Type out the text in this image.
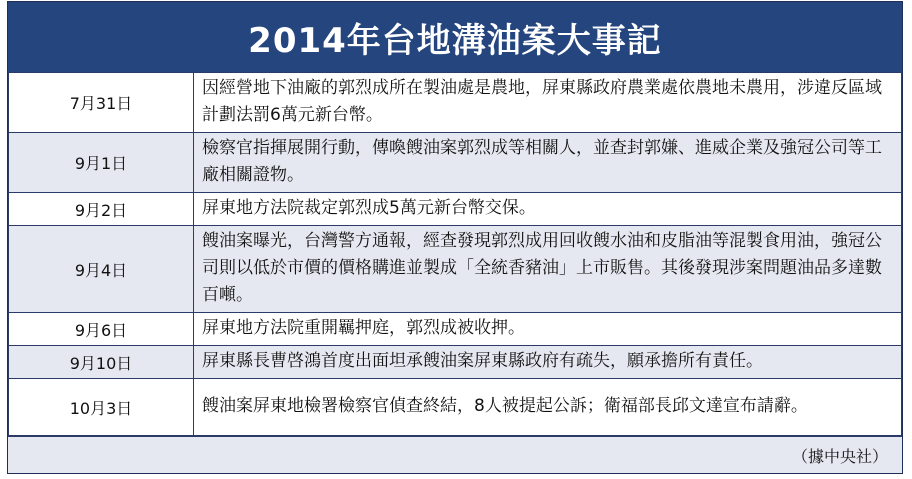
2014年台地溝油案大事記
7月31日	因經營地下油廠的郭烈成所在製油處是農地，屏東縣政府農業處依農地未農用，涉違反區域計劃法罰6萬元新台幣。
9月1日	檢察官指揮展開行動，傳喚餿油案郭烈成等相關人，並查封郭嫌、進威企業及強冠公司等工廠相關證物。
9月2日	屏東地方法院裁定郭烈成5萬元新台幣交保。
9月4日	餿油案曝光，台灣警方通報，經查發現郭烈成用回收餿水油和皮脂油等混製食用油，強冠公司則以低於市價的價格購進並製成「全統香豬油」上市販售。其後發現涉案問題油品多達數百噸。
9月6日	屏東地方法院重開羈押庭，郭烈成被收押。
9月10日	屏東縣長曹啓鴻首度出面坦承餿油案屏東縣政府有疏失，願承擔所有責任。
10月3日	餿油案屏東地檢署檢察官偵查終結，8人被提起公訴；衛福部長邱文達宣布請辭。
（據中央社）
